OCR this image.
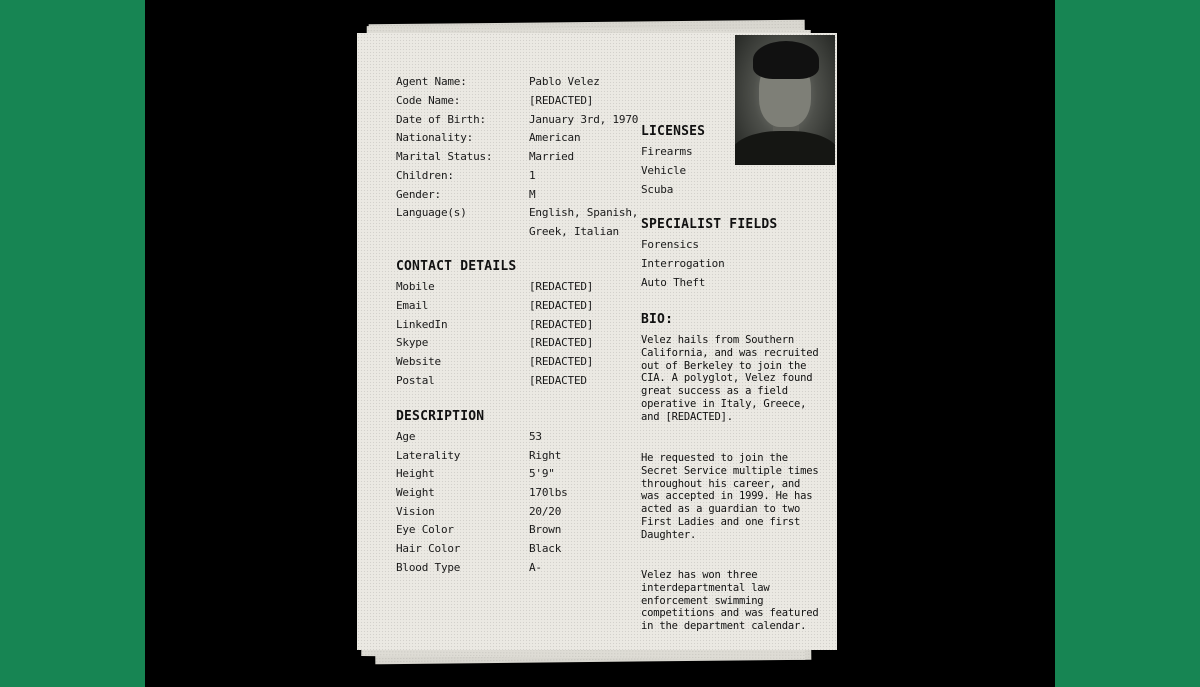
Agent Name:	Pablo Velez
Code Name:	[REDACTED]
Date of Birth:	January 3rd, 1970
Nationality:	American
Marital Status:	Married
Children:	1
Gender:	M
Language(s)	English, Spanish,
Greek, Italian
CONTACT DETAILS
Mobile	[REDACTED]
Email	[REDACTED]
LinkedIn	[REDACTED]
Skype	[REDACTED]
Website	[REDACTED]
Postal	[REDACTED
DESCRIPTION
Age	53
Laterality	Right
Height	5'9"
Weight	170lbs
Vision	20/20
Eye Color	Brown
Hair Color	Black
Blood Type	A-
LICENSES
Firearms
Vehicle
Scuba
SPECIALIST FIELDS
Forensics
Interrogation
Auto Theft
BIO:

Velez hails from Southern California, and was recruited out of Berkeley to join the CIA. A polyglot, Velez found great success as a field operative in Italy, Greece, and [REDACTED].

He requested to join the Secret Service multiple times throughout his career, and was accepted in 1999. He has acted as a guardian to two First Ladies and one first Daughter.

Velez has won three interdepartmental law enforcement swimming competitions and was featured in the department calendar.
